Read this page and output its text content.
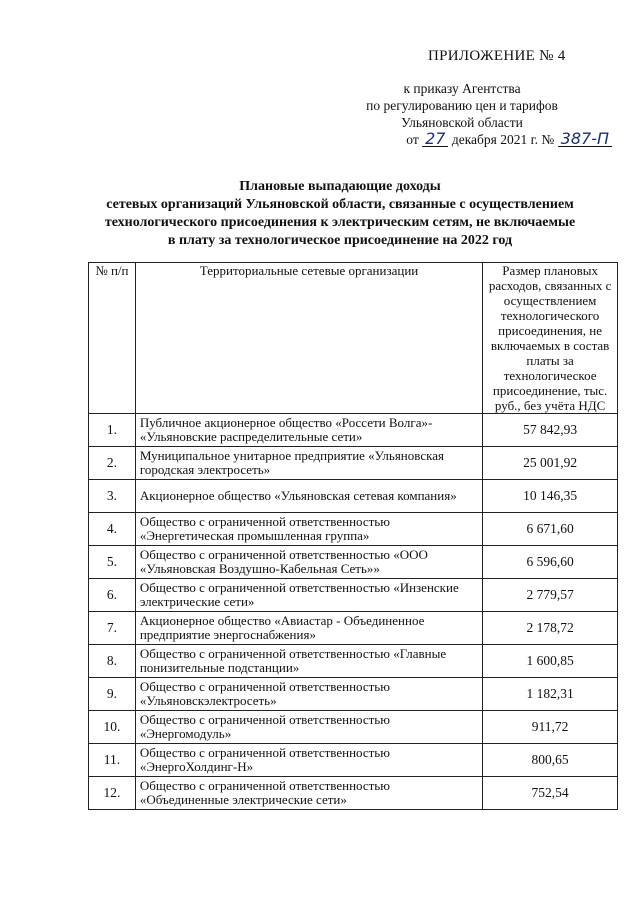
ПРИЛОЖЕНИЕ № 4
к приказу Агентства
по регулированию цен и тарифов
Ульяновской области
от 27 декабря 2021 г. № 387-П
Плановые выпадающие доходы
сетевых организаций Ульяновской области, связанные с осуществлением
технологического присоединения к электрическим сетям, не включаемые
в плату за технологическое присоединение на 2022 год
№ п/п	Территориальные сетевые организации	Размер плановых расходов, связанных с осуществлением технологического присоединения, не включаемых в состав платы за технологическое присоединение, тыс. руб., без учёта НДС
1.	Публичное акционерное общество «Россети Волга»- «Ульяновские распределительные сети»	57 842,93
2.	Муниципальное унитарное предприятие «Ульяновская городская электросеть»	25 001,92
3.	Акционерное общество «Ульяновская сетевая компания»	10 146,35
4.	Общество с ограниченной ответственностью «Энергетическая промышленная группа»	6 671,60
5.	Общество с ограниченной ответственностью «ООО «Ульяновская Воздушно-Кабельная Сеть»»	6 596,60
6.	Общество с ограниченной ответственностью «Инзенские электрические сети»	2 779,57
7.	Акционерное общество «Авиастар - Объединенное предприятие энергоснабжения»	2 178,72
8.	Общество с ограниченной ответственностью «Главные понизительные подстанции»	1 600,85
9.	Общество с ограниченной ответственностью «Ульяновскэлектросеть»	1 182,31
10.	Общество с ограниченной ответственностью «Энергомодуль»	911,72
11.	Общество с ограниченной ответственностью «ЭнергоХолдинг-Н»	800,65
12.	Общество с ограниченной ответственностью «Объединенные электрические сети»	752,54
